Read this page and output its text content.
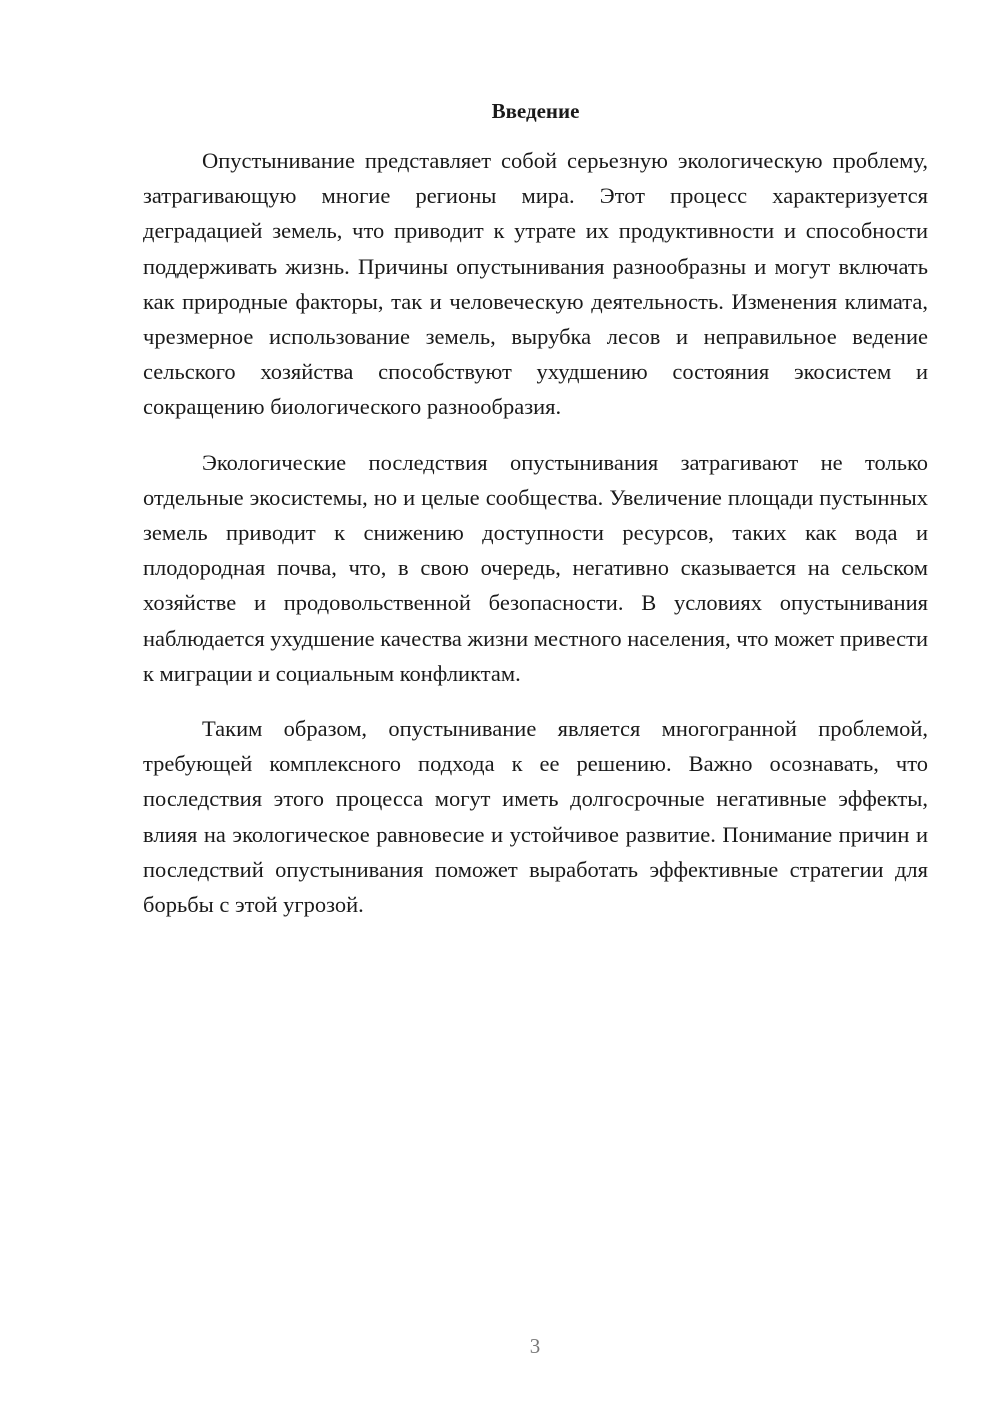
Введение

Опустынивание представляет собой серьезную экологическую проблему, затрагивающую многие регионы мира. Этот процесс характеризуется деградацией земель, что приводит к утрате их продуктивности и способности поддерживать жизнь. Причины опустынивания разнообразны и могут включать как природные факторы, так и человеческую деятельность. Изменения климата, чрезмерное использование земель, вырубка лесов и неправильное ведение сельского хозяйства способствуют ухудшению состояния экосистем и сокращению биологического разнообразия.

Экологические последствия опустынивания затрагивают не только отдельные экосистемы, но и целые сообщества. Увеличение площади пустынных земель приводит к снижению доступности ресурсов, таких как вода и плодородная почва, что, в свою очередь, негативно сказывается на сельском хозяйстве и продовольственной безопасности. В условиях опустынивания наблюдается ухудшение качества жизни местного населения, что может привести к миграции и социальным конфликтам.

Таким образом, опустынивание является многогранной проблемой, требующей комплексного подхода к ее решению. Важно осознавать, что последствия этого процесса могут иметь долгосрочные негативные эффекты, влияя на экологическое равновесие и устойчивое развитие. Понимание причин и последствий опустынивания поможет выработать эффективные стратегии для борьбы с этой угрозой.

3
